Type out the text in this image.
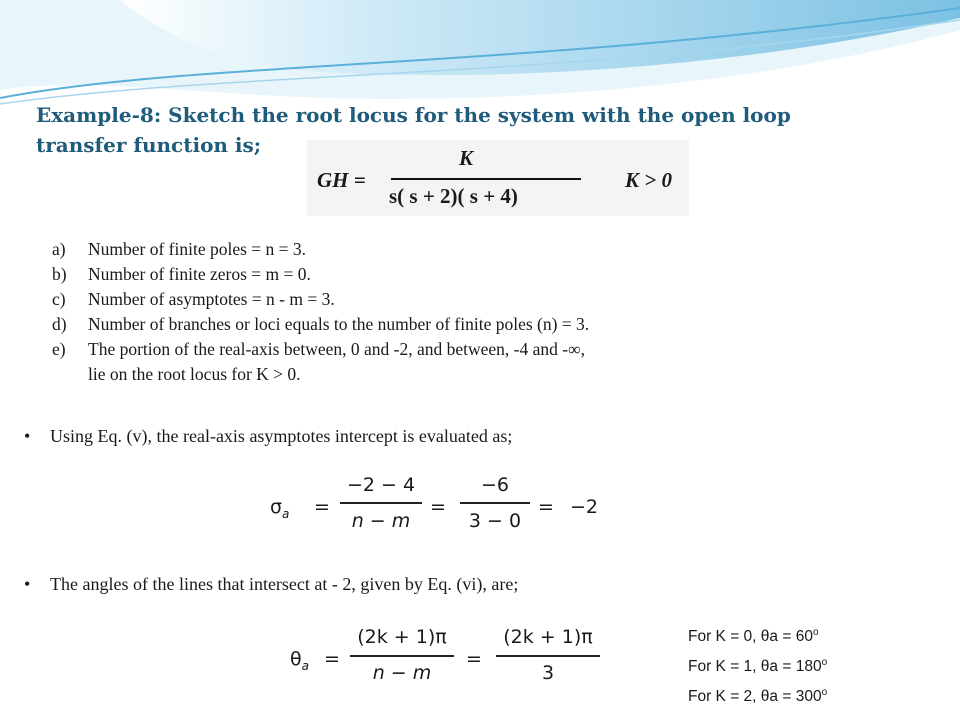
Example-8: Sketch the root locus for the system with the open loop
transfer function is;
GH =
K
s( s + 2)( s + 4)
K > 0
a) Number of finite poles = n = 3.
b) Number of finite zeros = m = 0.
c) Number of asymptotes = n - m = 3.
d) Number of branches or loci equals to the number of finite poles (n) = 3.
e) The portion of the real-axis between, 0 and -2, and between, -4 and -∞,
lie on the root locus for K > 0.
• Using Eq. (v), the real-axis asymptotes intercept is evaluated as;
$\sigma_a$ =
−2 − 4
n − m
=
−6
3 − 0
= −2
• The angles of the lines that intersect at - 2, given by Eq. (vi), are;
$\theta_a$ =
(2k + 1)π
n − m
=
(2k + 1)π
3
For K = 0, $\theta a = 60^o$
For K = 1, $\theta a = 180^o$
For K = 2, $\theta a = 300^o$
